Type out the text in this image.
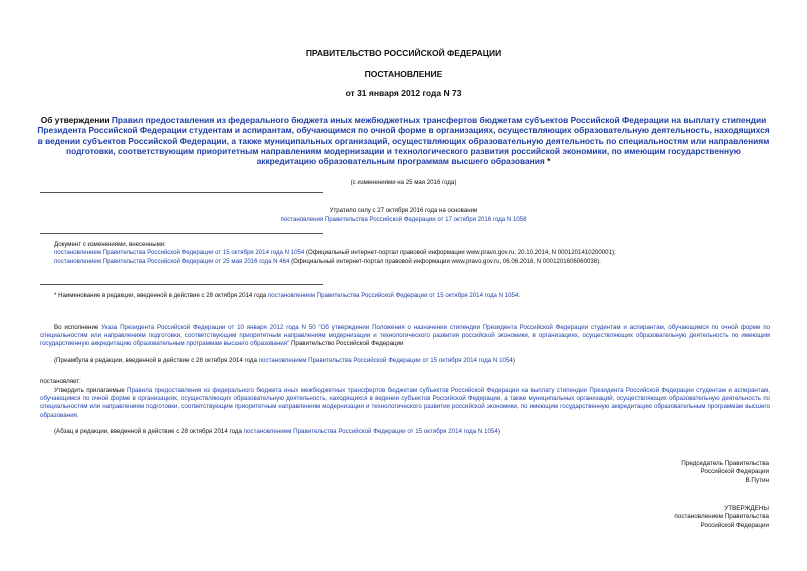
ПРАВИТЕЛЬСТВО РОССИЙСКОЙ ФЕДЕРАЦИИ
ПОСТАНОВЛЕНИЕ
от 31 января 2012 года N 73
Об утверждении Правил предоставления из федерального бюджета иных межбюджетных трансфертов бюджетам субъектов Российской Федерации на выплату стипендии Президента Российской Федерации студентам и аспирантам, обучающимся по очной форме в организациях, осуществляющих образовательную деятельность, находящихся в ведении субъектов Российской Федерации, а также муниципальных организаций, осуществляющих образовательную деятельность по специальностям или направлениям подготовки, соответствующим приоритетным направлениям модернизации и технологического развития российской экономики, по имеющим государственную аккредитацию образовательным программам высшего образования *
(с изменениями на 25 мая 2016 года)

Утратило силу с 27 октября 2016 года на основании

постановления Правительства Российской Федерации от 17 октября 2016 года N 1058

Документ с изменениями, внесенными:

постановлением Правительства Российской Федерации от 15 октября 2014 года N 1054 (Официальный интернет-портал правовой информации www.pravo.gov.ru, 20.10.2014, N 0001201410200001);

постановлением Правительства Российской Федерации от 25 мая 2016 года N 464 (Официальный интернет-портал правовой информации www.pravo.gov.ru, 06.06.2016, N 0001201606060038).

* Наименование в редакции, введенной в действие с 28 октября 2014 года постановлением Правительства Российской Федерации от 15 октября 2014 года N 1054.
Во исполнение Указа Президента Российской Федерации от 10 января 2012 года N 50 "Об утверждении Положения о назначении стипендии Президента Российской Федерации студентам и аспирантам, обучающимся по очной форме по специальностям или направлениям подготовки, соответствующим приоритетным направлениям модернизации и технологического развития российской экономики, в организациях, осуществляющих образовательную деятельность по имеющим государственную аккредитацию образовательным программам высшего образования" Правительство Российской Федерации
(Преамбула в редакции, введенной в действие с 28 октября 2014 года постановлением Правительства Российской Федерации от 15 октября 2014 года N 1054)
постановляет:
Утвердить прилагаемые Правила предоставления из федерального бюджета иных межбюджетных трансфертов бюджетам субъектов Российской Федерации на выплату стипендии Президента Российской Федерации студентам и аспирантам, обучающимся по очной форме в организациях, осуществляющих образовательную деятельность, находящихся в ведении субъектов Российской Федерации, а также муниципальных организаций, осуществляющих образовательную деятельность по специальностям или направлениям подготовки, соответствующим приоритетным направлениям модернизации и технологического развития российской экономики, по имеющим государственную аккредитацию образовательным программам высшего образования.
(Абзац в редакции, введенной в действие с 28 октября 2014 года постановлением Правительства Российской Федерации от 15 октября 2014 года N 1054)

Председатель Правительства

Российской Федерации

В.Путин

УТВЕРЖДЕНЫ

постановлением Правительства

Российской Федерации
